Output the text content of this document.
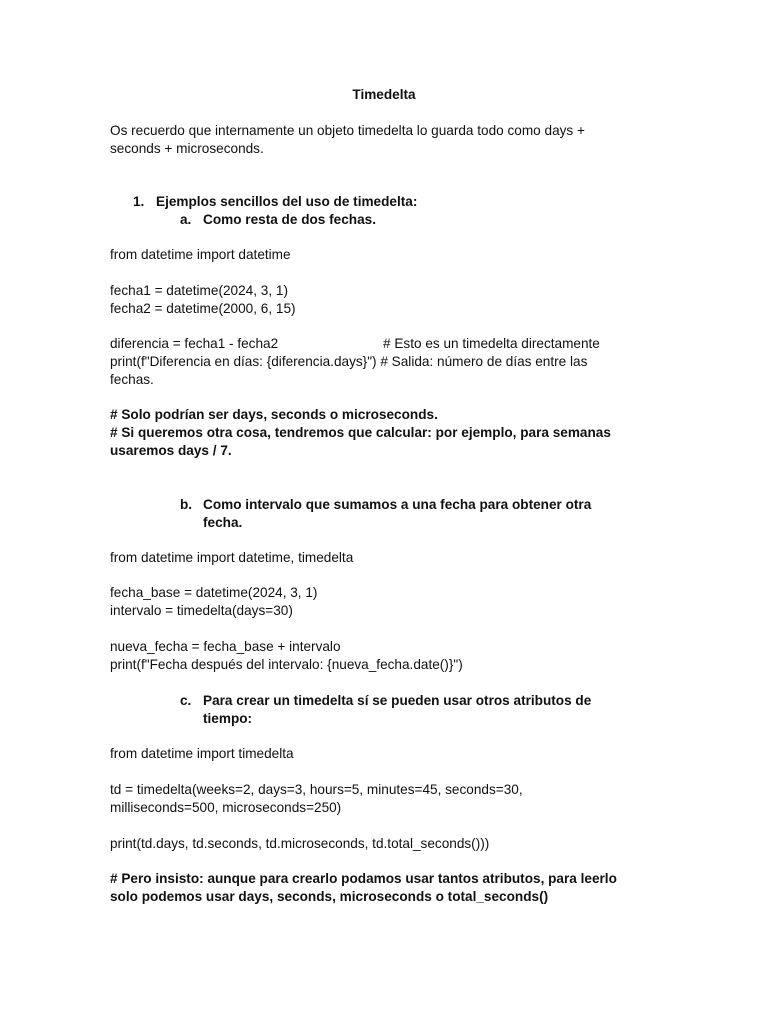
Timedelta
Os recuerdo que internamente un objeto timedelta lo guarda todo como days +
seconds + microseconds.
1. Ejemplos sencillos del uso de timedelta:
a. Como resta de dos fechas.
from datetime import datetime
fecha1 = datetime(2024, 3, 1)
fecha2 = datetime(2000, 6, 15)
diferencia = fecha1 - fecha2	# Esto es un timedelta directamente
print(f"Diferencia en días: {diferencia.days}") # Salida: número de días entre las
fechas.
# Solo podrían ser days, seconds o microseconds.
# Si queremos otra cosa, tendremos que calcular: por ejemplo, para semanas
usaremos days / 7.
b. Como intervalo que sumamos a una fecha para obtener otra
fecha.
from datetime import datetime, timedelta
fecha_base = datetime(2024, 3, 1)
intervalo = timedelta(days=30)
nueva_fecha = fecha_base + intervalo
print(f"Fecha después del intervalo: {nueva_fecha.date()}")
c. Para crear un timedelta sí se pueden usar otros atributos de
tiempo:
from datetime import timedelta
td = timedelta(weeks=2, days=3, hours=5, minutes=45, seconds=30,
milliseconds=500, microseconds=250)
print(td.days, td.seconds, td.microseconds, td.total_seconds()))
# Pero insisto: aunque para crearlo podamos usar tantos atributos, para leerlo
solo podemos usar days, seconds, microseconds o total_seconds()
